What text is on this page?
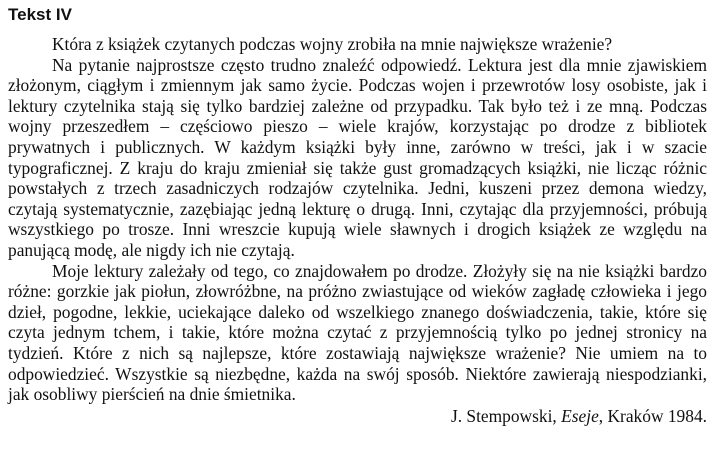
Tekst IV

Która z książek czytanych podczas wojny zrobiła na mnie największe wrażenie?

Na pytanie najprostsze często trudno znaleźć odpowiedź. Lektura jest dla mnie zjawiskiem złożonym, ciągłym i zmiennym jak samo życie. Podczas wojen i przewrotów losy osobiste, jak i lektury czytelnika stają się tylko bardziej zależne od przypadku. Tak było też i ze mną. Podczas wojny przeszedłem – częściowo pieszo – wiele krajów, korzystając po drodze z bibliotek prywatnych i publicznych. W każdym książki były inne, zarówno w treści, jak i w szacie typograficznej. Z kraju do kraju zmieniał się także gust gromadzących książki, nie licząc różnic powstałych z trzech zasadniczych rodzajów czytelnika. Jedni, kuszeni przez demona wiedzy, czytają systematycznie, zazębiając jedną lekturę o drugą. Inni, czytając dla przyjemności, próbują wszystkiego po trosze. Inni wreszcie kupują wiele sławnych i drogich książek ze względu na panującą modę, ale nigdy ich nie czytają.

Moje lektury zależały od tego, co znajdowałem po drodze. Złożyły się na nie książki bardzo różne: gorzkie jak piołun, złowróżbne, na próżno zwiastujące od wieków zagładę człowieka i jego dzieł, pogodne, lekkie, uciekające daleko od wszelkiego znanego doświadczenia, takie, które się czyta jednym tchem, i takie, które można czytać z przyjemnością tylko po jednej stronicy na tydzień. Które z nich są najlepsze, które zostawiają największe wrażenie? Nie umiem na to odpowiedzieć. Wszystkie są niezbędne, każda na swój sposób. Niektóre zawierają niespodzianki, jak osobliwy pierścień na dnie śmietnika.

J. Stempowski, Eseje, Kraków 1984.
